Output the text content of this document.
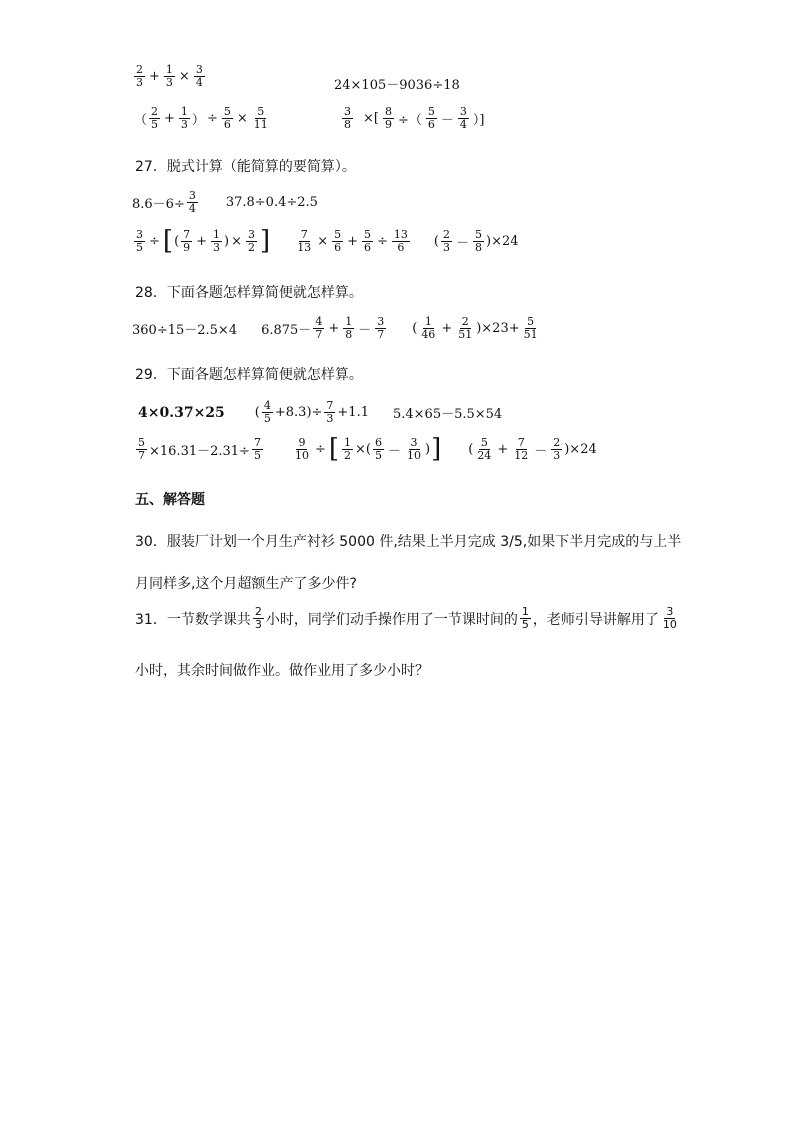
$\frac{2}{3} + \frac{1}{3} \times \frac{3}{4}$	24×105－9036÷18
（ $\frac{2}{5} + \frac{1}{3}$ ） ÷ $\frac{5}{6} \times \frac{5}{11}$	$\frac{3}{8}$ ×[ $\frac{8}{9}$ ÷（ $\frac{5}{6} - \frac{3}{4}$ ）]
27．脱式计算（能简算的要简算）。
$8.6-6\div \frac{3}{4} 37.8\div 0.4\div 2.5$
$\frac{3}{5}$ ÷ [ ( $\frac{7}{9} + \frac{1}{3}$ ) × $\frac{3}{2}$ ] $\frac{7}{13} \times \frac{5}{6} + \frac{5}{6} \div \frac{13}{6}$ ( $\frac{2}{3} - \frac{5}{8} )\times 24$
28．下面各题怎样算简便就怎样算。
360÷15－2.5×4 $6.875- \frac{4}{7} + \frac{1}{8} - \frac{3}{7}$ ( $\frac{1}{46} + \frac{2}{51} )\times 23+ \frac{5}{51}$
29．下面各题怎样算简便就怎样算。
4×0.37×25 ( $\frac{4}{5} +8.3)\div \frac{7}{3} +1.1$ 5.4×65－5.5×54
$\frac{5}{7} \times 16.31-2.31\div \frac{7}{5}$	$\frac{9}{10}$ ÷ [ $\frac{1}{2}$ ×( $\frac{6}{5} - \frac{3}{10}$ ) ] ( $\frac{5}{24} + \frac{7}{12} - \frac{2}{3} )\times 24$
五、解答题
30．服装厂计划一个月生产衬衫 5000 件,结果上半月完成 3/5,如果下半月完成的与上半
月同样多,这个月超额生产了多少件?
31．一节数学课共 $\frac{2}{3}$ 小时，同学们动手操作用了一节课时间的 $\frac{1}{5}$ ，老师引导讲解用了 $\frac{3}{10}$
小时，其余时间做作业。做作业用了多少小时？
